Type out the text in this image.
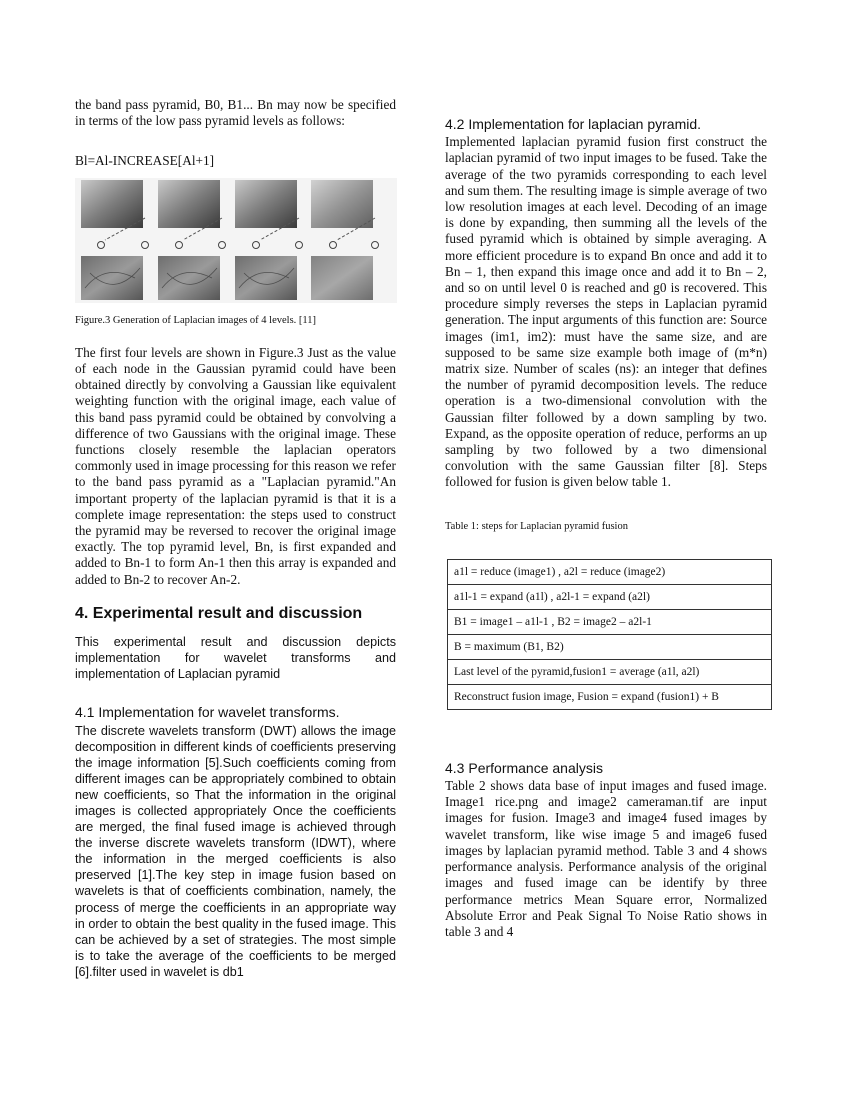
the band pass pyramid, B0, B1... Bn may now be specified in terms of the low pass pyramid levels as follows:

Bl=Al-INCREASE[Al+1]

Figure.3 Generation of Laplacian images of 4 levels. [11]

The first four levels are shown in Figure.3 Just as the value of each node in the Gaussian pyramid could have been obtained directly by convolving a Gaussian like equivalent weighting function with the original image, each value of this band pass pyramid could be obtained by convolving a difference of two Gaussians with the original image. These functions closely resemble the laplacian operators commonly used in image processing for this reason we refer to the band pass pyramid as a "Laplacian pyramid."An important property of the laplacian pyramid is that it is a complete image representation: the steps used to construct the pyramid may be reversed to recover the original image exactly. The top pyramid level, Bn, is first expanded and added to Bn-1 to form An-1 then this array is expanded and added to Bn-2 to recover An-2.

4. Experimental result and discussion

This experimental result and discussion depicts implementation for wavelet transforms and implementation of Laplacian pyramid

4.1 Implementation for wavelet transforms.

The discrete wavelets transform (DWT) allows the image decomposition in different kinds of coefficients preserving the image information [5].Such coefficients coming from different images can be appropriately combined to obtain new coefficients, so That the information in the original images is collected appropriately Once the coefficients are merged, the final fused image is achieved through the inverse discrete wavelets transform (IDWT), where the information in the merged coefficients is also preserved [1].The key step in image fusion based on wavelets is that of coefficients combination, namely, the process of merge the coefficients in an appropriate way in order to obtain the best quality in the fused image. This can be achieved by a set of strategies. The most simple is to take the average of the coefficients to be merged [6].filter used in wavelet is db1

4.2 Implementation for laplacian pyramid.

Implemented laplacian pyramid fusion first construct the laplacian pyramid of two input images to be fused. Take the average of the two pyramids corresponding to each level and sum them. The resulting image is simple average of two low resolution images at each level. Decoding of an image is done by expanding, then summing all the levels of the fused pyramid which is obtained by simple averaging. A more efficient procedure is to expand Bn once and add it to Bn – 1, then expand this image once and add it to Bn – 2, and so on until level 0 is reached and g0 is recovered. This procedure simply reverses the steps in Laplacian pyramid generation. The input arguments of this function are: Source images (im1, im2): must have the same size, and are supposed to be same size example both image of (m*n) matrix size. Number of scales (ns): an integer that defines the number of pyramid decomposition levels. The reduce operation is a two-dimensional convolution with the Gaussian filter followed by a down sampling by two. Expand, as the opposite operation of reduce, performs an up sampling by two followed by a two dimensional convolution with the same Gaussian filter [8]. Steps followed for fusion is given below table 1.

Table 1: steps for Laplacian pyramid fusion

a1l = reduce (image1) , a2l = reduce (image2)
a1l-1 = expand (a1l) , a2l-1 = expand (a2l)
B1 = image1 – a1l-1 , B2 = image2 – a2l-1
B = maximum (B1, B2)
Last level of the pyramid,fusion1 = average (a1l, a2l)
Reconstruct fusion image, Fusion = expand (fusion1) + B

4.3 Performance analysis

Table 2 shows data base of input images and fused image. Image1 rice.png and image2 cameraman.tif are input images for fusion. Image3 and image4 fused images by wavelet transform, like wise image 5 and image6 fused images by laplacian pyramid method. Table 3 and 4 shows performance analysis. Performance analysis of the original images and fused image can be identify by three performance metrics Mean Square error, Normalized Absolute Error and Peak Signal To Noise Ratio shows in table 3 and 4
